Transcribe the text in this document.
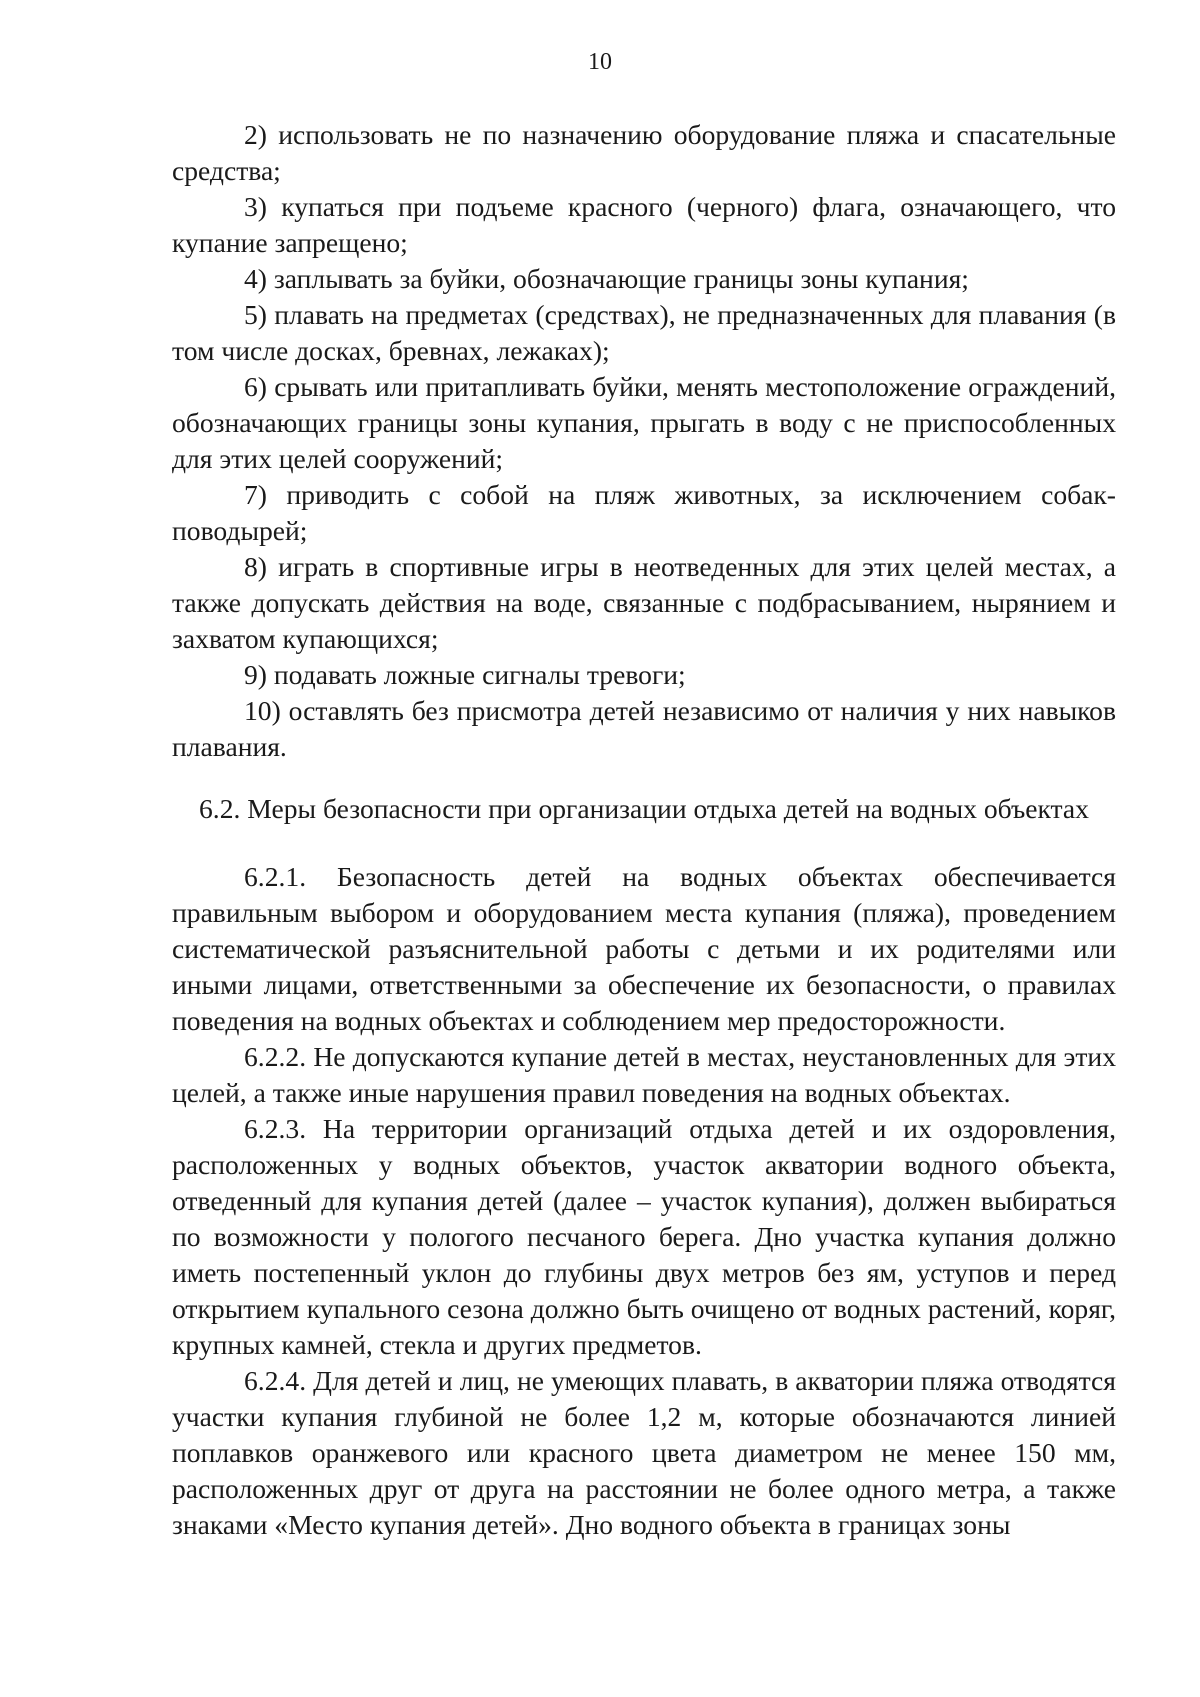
10

2) использовать не по назначению оборудование пляжа и спасательные средства;

3) купаться при подъеме красного (черного) флага, означающего, что купание запрещено;

4) заплывать за буйки, обозначающие границы зоны купания;

5) плавать на предметах (средствах), не предназначенных для плавания (в том числе досках, бревнах, лежаках);

6) срывать или притапливать буйки, менять местоположение ограждений, обозначающих границы зоны купания, прыгать в воду с не приспособленных для этих целей сооружений;

7) приводить с собой на пляж животных, за исключением собак-поводырей;

8) играть в спортивные игры в неотведенных для этих целей местах, а также допускать действия на воде, связанные с подбрасыванием, нырянием и захватом купающихся;

9) подавать ложные сигналы тревоги;

10) оставлять без присмотра детей независимо от наличия у них навыков плавания.

6.2. Меры безопасности при организации отдыха детей на водных объектах

6.2.1. Безопасность детей на водных объектах обеспечивается правильным выбором и оборудованием места купания (пляжа), проведением систематической разъяснительной работы с детьми и их родителями или иными лицами, ответственными за обеспечение их безопасности, о правилах поведения на водных объектах и соблюдением мер предосторожности.

6.2.2. Не допускаются купание детей в местах, неустановленных для этих целей, а также иные нарушения правил поведения на водных объектах.

6.2.3. На территории организаций отдыха детей и их оздоровления, расположенных у водных объектов, участок акватории водного объекта, отведенный для купания детей (далее – участок купания), должен выбираться по возможности у пологого песчаного берега. Дно участка купания должно иметь постепенный уклон до глубины двух метров без ям, уступов и перед открытием купального сезона должно быть очищено от водных растений, коряг, крупных камней, стекла и других предметов.

6.2.4. Для детей и лиц, не умеющих плавать, в акватории пляжа отводятся участки купания глубиной не более 1,2 м, которые обозначаются линией поплавков оранжевого или красного цвета диаметром не менее 150 мм, расположенных друг от друга на расстоянии не более одного метра, а также знаками «Место купания детей». Дно водного объекта в границах зоны
